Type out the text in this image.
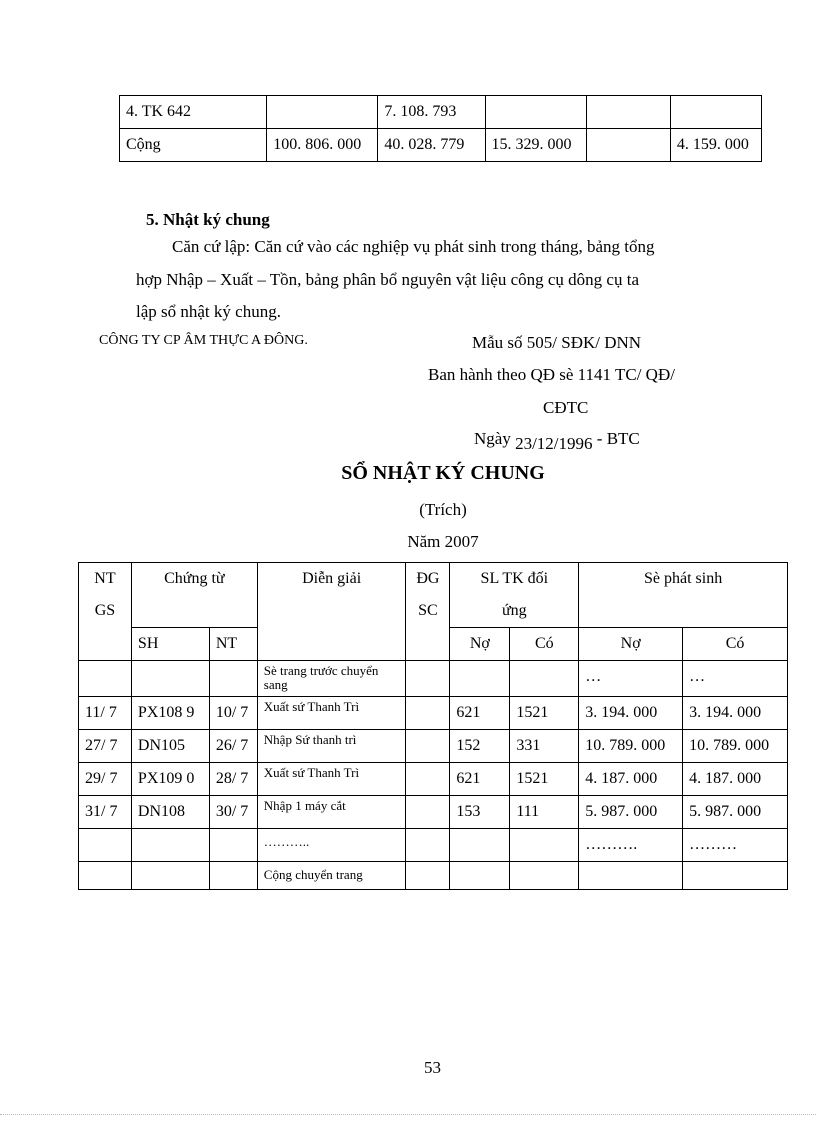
4. TK 642		7. 108. 793			
Cộng	100. 806. 000	40. 028. 779	15. 329. 000		4. 159. 000
5. Nhật ký chung
Căn cứ lập: Căn cứ vào các nghiệp vụ phát sinh trong tháng, bảng tổng
hợp Nhập – Xuất – Tồn, bảng phân bổ nguyên vật liệu công cụ dông cụ ta
lập sổ nhật ký chung.
CÔNG TY CP ÂM THỰC A ĐÔNG.	Mẫu số 505/ SĐK/ DNN
Ban hành theo QĐ sè 1141 TC/ QĐ/
CĐTC
Ngày 23/12/1996 - BTC
SỔ NHẬT KÝ CHUNG
(Trích)
Năm 2007
NT GS	Chứng từ		Diễn giải	ĐG SC	SL TK đối ứng		Sè phát sinh	
	SH	NT			Nợ	Có	Nợ	Có
			Sè trang trước chuyển sang				…	…
11/ 7	PX108 9	10/ 7	Xuất sứ Thanh Trì		621	1521	3. 194. 000	3. 194. 000
27/ 7	DN105	26/ 7	Nhập Sứ thanh trì		152	331	10. 789. 000	10. 789. 000
29/ 7	PX109 0	28/ 7	Xuất sứ Thanh Trì		621	1521	4. 187. 000	4. 187. 000
31/ 7	DN108	30/ 7	Nhập 1 máy cắt		153	111	5. 987. 000	5. 987. 000
			………..				……….	………
			Cộng chuyển trang					
53
